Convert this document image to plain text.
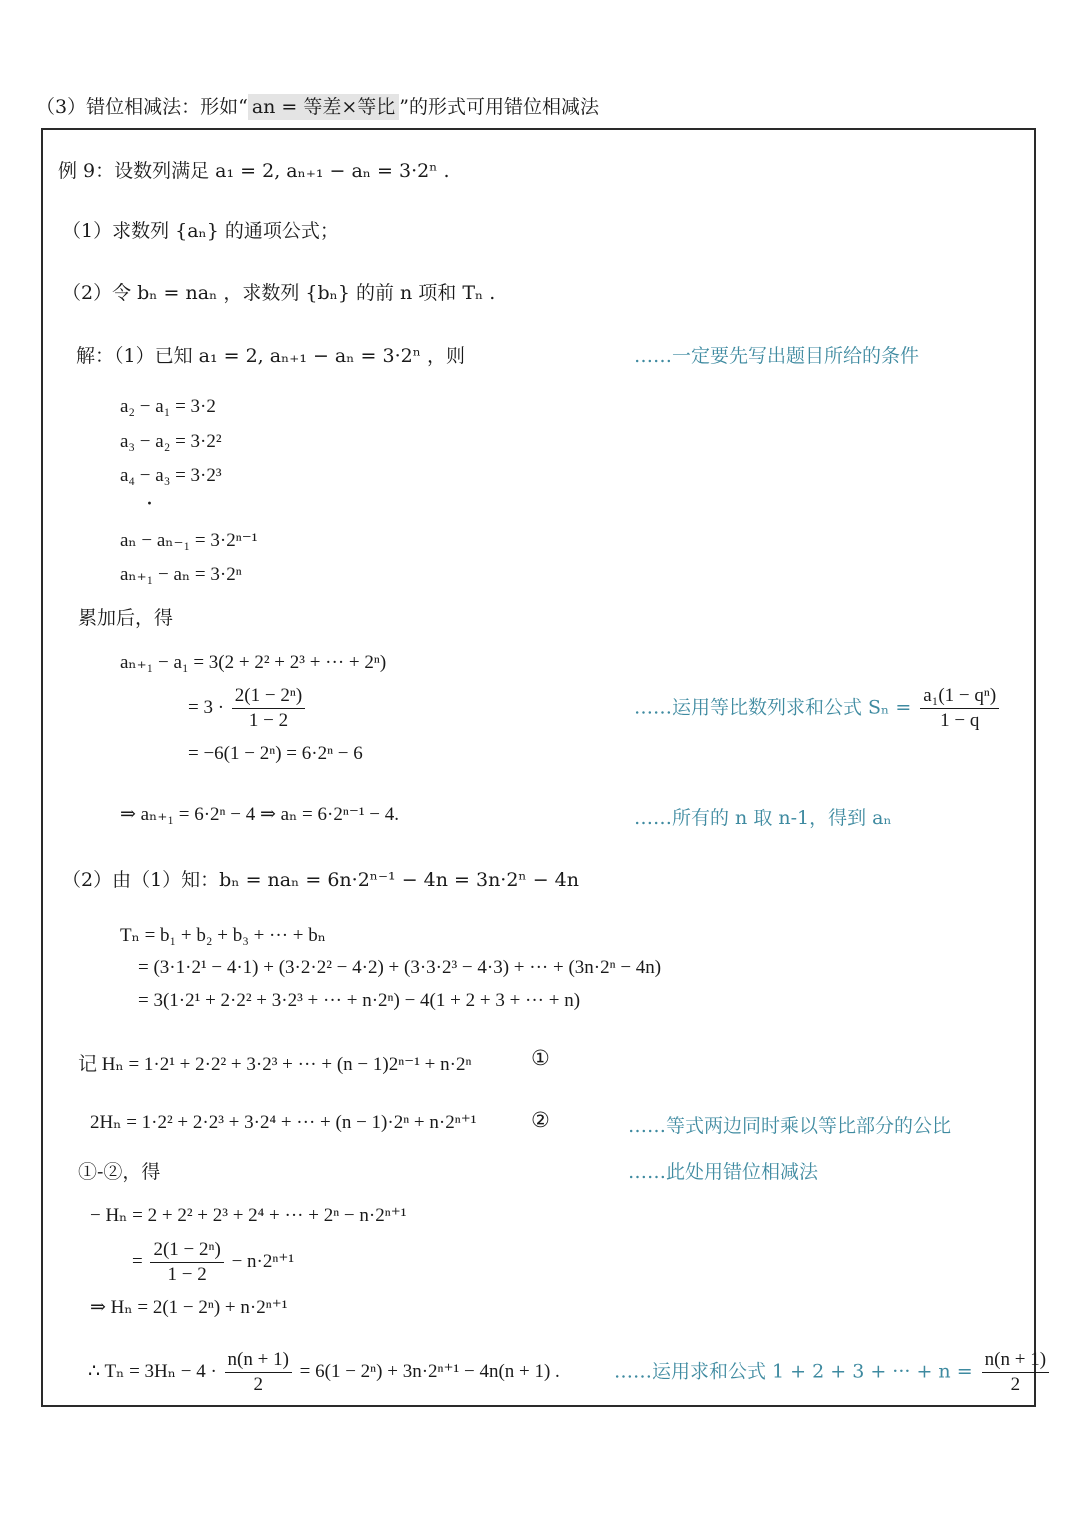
（3）错位相减法：形如“ an = 等差×等比 ”的形式可用错位相减法
例 9：设数列满足 a₁ = 2, aₙ₊₁ − aₙ = 3·2ⁿ .
（1）求数列 {aₙ} 的通项公式；
（2）令 bₙ = naₙ ，求数列 {bₙ} 的前 n 项和 Tₙ .
解：（1）已知 a₁ = 2, aₙ₊₁ − aₙ = 3·2ⁿ ，则	……一定要先写出题目所给的条件
a₂ − a₁ = 3·2
a₃ − a₂ = 3·2²
a₄ − a₃ = 3·2³
·
aₙ − aₙ₋₁ = 3·2ⁿ⁻¹
aₙ₊₁ − aₙ = 3·2ⁿ
累加后，得
aₙ₊₁ − a₁ = 3(2 + 2² + 2³ + ··· + 2ⁿ)
= $3 \cdot \frac{\text{2(1 − 2ⁿ)}}{1 - 2}$	……运用等比数列求和公式 $S_n = \frac{\text{a₁(1 − qⁿ)}}{1 - q}$
= −6(1 − 2ⁿ) = 6·2ⁿ − 6
⇒ aₙ₊₁ = 6·2ⁿ − 4 ⇒ aₙ = 6·2ⁿ⁻¹ − 4.	……所有的 n 取 n-1，得到 aₙ
（2）由（1）知：bₙ = naₙ = 6n·2ⁿ⁻¹ − 4n = 3n·2ⁿ − 4n
Tₙ = b₁ + b₂ + b₃ + ··· + bₙ
= (3·1·2¹ − 4·1) + (3·2·2² − 4·2) + (3·3·2³ − 4·3) + ··· + (3n·2ⁿ − 4n)
= 3(1·2¹ + 2·2² + 3·2³ + ··· + n·2ⁿ) − 4(1 + 2 + 3 + ··· + n)
记 Hₙ = 1·2¹ + 2·2² + 3·2³ + ··· + (n − 1)2ⁿ⁻¹ + n·2ⁿ	①
2Hₙ = 1·2² + 2·2³ + 3·2⁴ + ··· + (n − 1)·2ⁿ + n·2ⁿ⁺¹	②	……等式两边同时乘以等比部分的公比
①-②，得	……此处用错位相减法
− Hₙ = 2 + 2² + 2³ + 2⁴ + ··· + 2ⁿ − n·2ⁿ⁺¹
= $\frac{\text{2(1 − 2ⁿ)}}{1 - 2} - n\cdot 2^{n+1}$
⇒ Hₙ = 2(1 − 2ⁿ) + n·2ⁿ⁺¹
∴ $T_n = 3H_n - 4 \cdot \frac{n(n + 1)}{2} = 6(1 - 2^n) + 3n\cdot 2^{n+1} - 4n(n + 1)$ .	……运用求和公式 1 + 2 + 3 + ··· + $n = \frac{n(n + 1)}{2}$
